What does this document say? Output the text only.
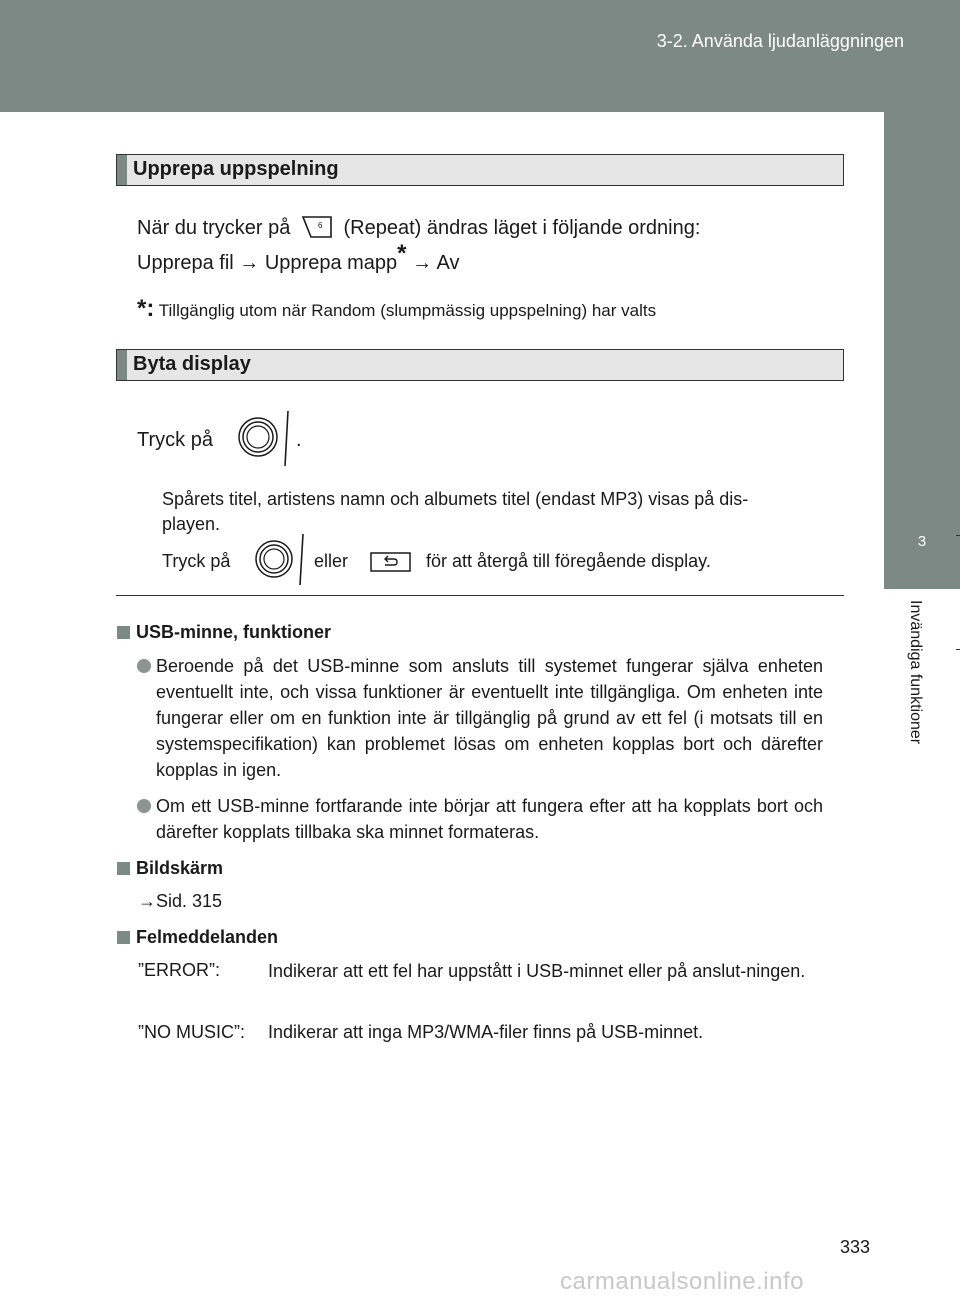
3-2. Använda ljudanläggningen
3
Invändiga funktioner
Upprepa uppspelning
När du trycker på	6 (Repeat) ändras läget i följande ordning:
Upprepa fil → Upprepa mapp* → Av
*: Tillgänglig utom när Random (slumpmässig uppspelning) har valts
Byta display
Tryck på	.
Spårets titel, artistens namn och albumets titel (endast MP3) visas på dis-
playen.
Tryck på	eller	för att återgå till föregående display.
USB-minne, funktioner
Beroende på det USB-minne som ansluts till systemet fungerar själva enheten eventuellt inte, och vissa funktioner är eventuellt inte tillgängliga. Om enheten inte fungerar eller om en funktion inte är tillgänglig på grund av ett fel (i motsats till en systemspecifikation) kan problemet lösas om enheten kopplas bort och därefter kopplas in igen.
Om ett USB-minne fortfarande inte börjar att fungera efter att ha kopplats bort och därefter kopplats tillbaka ska minnet formateras.
Bildskärm
→Sid. 315
Felmeddelanden
”ERROR”:	Indikerar att ett fel har uppstått i USB-minnet eller på anslut-ningen.
”NO MUSIC”: Indikerar att inga MP3/WMA-filer finns på USB-minnet.
333
carmanualsonline.info
